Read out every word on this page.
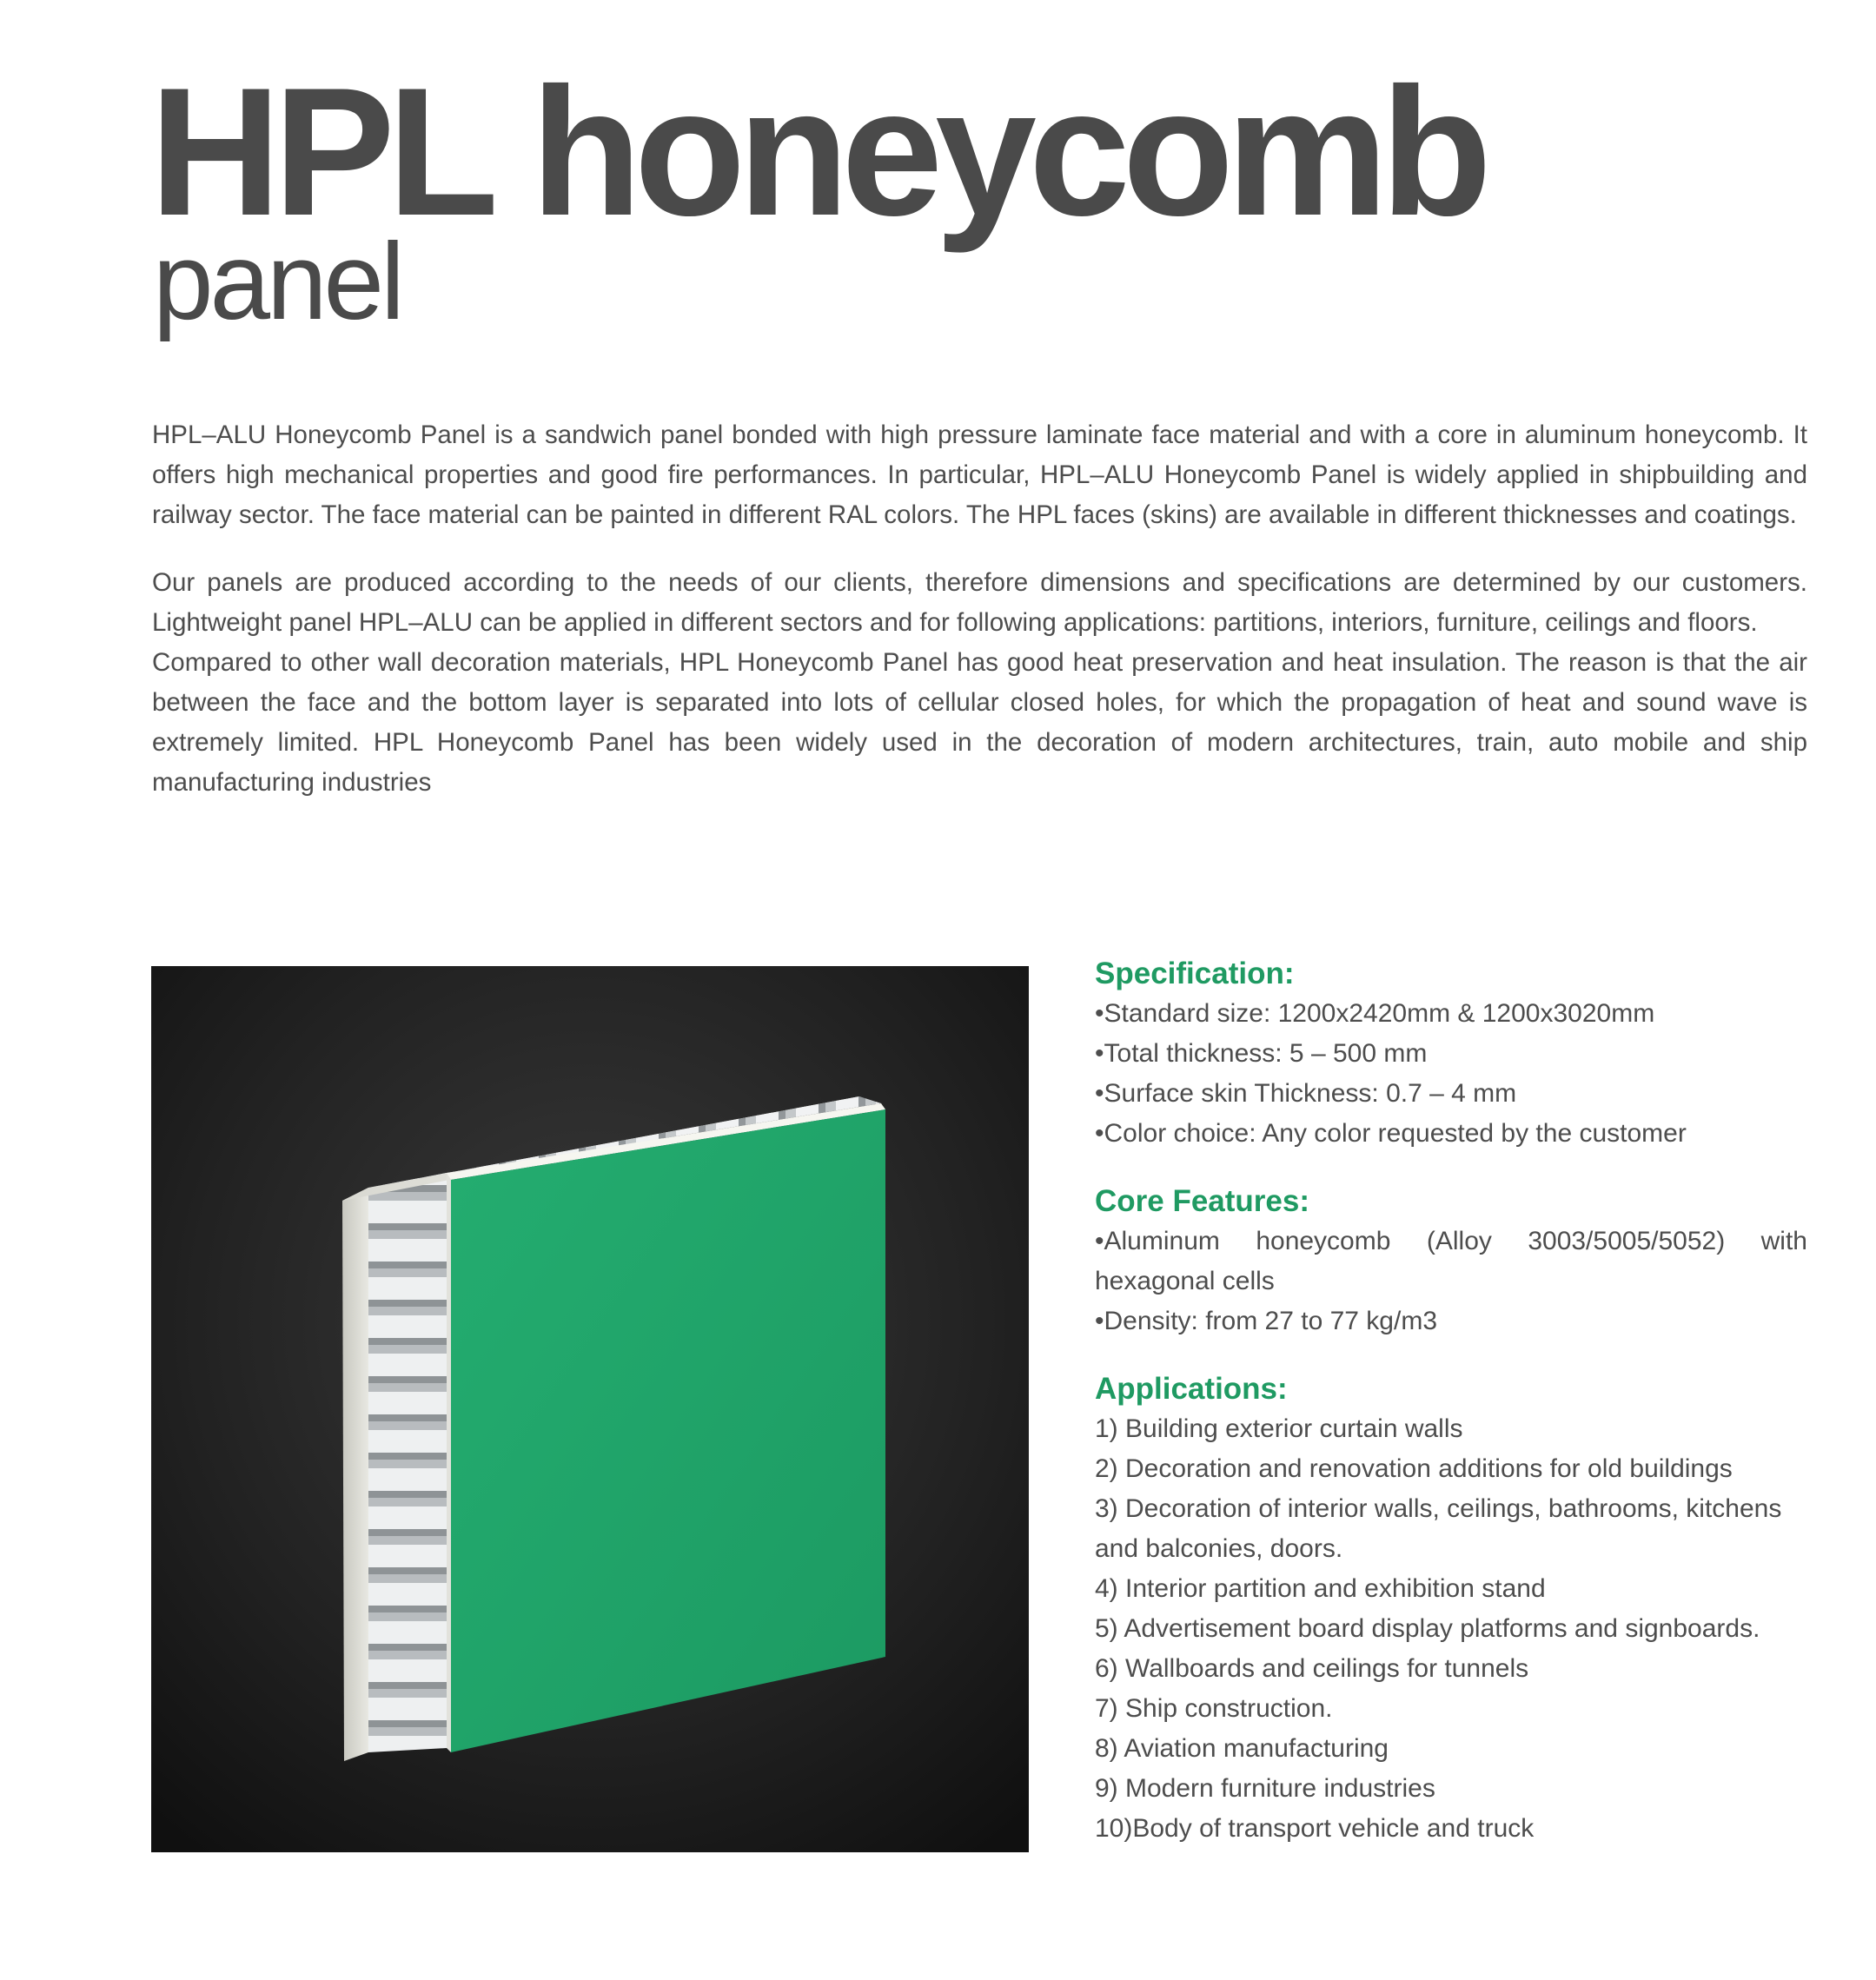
HPL honeycomb
panel

HPL–ALU Honeycomb Panel is a sandwich panel bonded with high pressure laminate face material and with a core in aluminum honeycomb. It offers high mechanical properties and good fire performances. In particular, HPL–ALU Honeycomb Panel is widely applied in shipbuilding and railway sector. The face material can be painted in different RAL colors. The HPL faces (skins) are available in different thicknesses and coatings.

Our panels are produced according to the needs of our clients, therefore dimensions and specifications are determined by our customers. Lightweight panel HPL–ALU can be applied in different sectors and for following applications: partitions, interiors, furniture, ceilings and floors.

Compared to other wall decoration materials, HPL Honeycomb Panel has good heat preservation and heat insulation. The reason is that the air between the face and the bottom layer is separated into lots of cellular closed holes, for which the propagation of heat and sound wave is extremely limited. HPL Honeycomb Panel has been widely used in the decoration of modern architectures, train, auto mobile and ship manufacturing industries

Specification:
•Standard size: 1200x2420mm & 1200x3020mm
•Total thickness: 5 – 500 mm
•Surface skin Thickness: 0.7 – 4 mm
•Color choice: Any color requested by the customer
Core Features:
•Aluminum honeycomb (Alloy 3003/5005/5052) with hexagonal cells
•Density: from 27 to 77 kg/m3
Applications:
1) Building exterior curtain walls
2) Decoration and renovation additions for old buildings
3) Decoration of interior walls, ceilings, bathrooms, kitchens and balconies, doors.
4) Interior partition and exhibition stand
5) Advertisement board display platforms and signboards.
6) Wallboards and ceilings for tunnels
7) Ship construction.
8) Aviation manufacturing
9) Modern furniture industries
10)Body of transport vehicle and truck
